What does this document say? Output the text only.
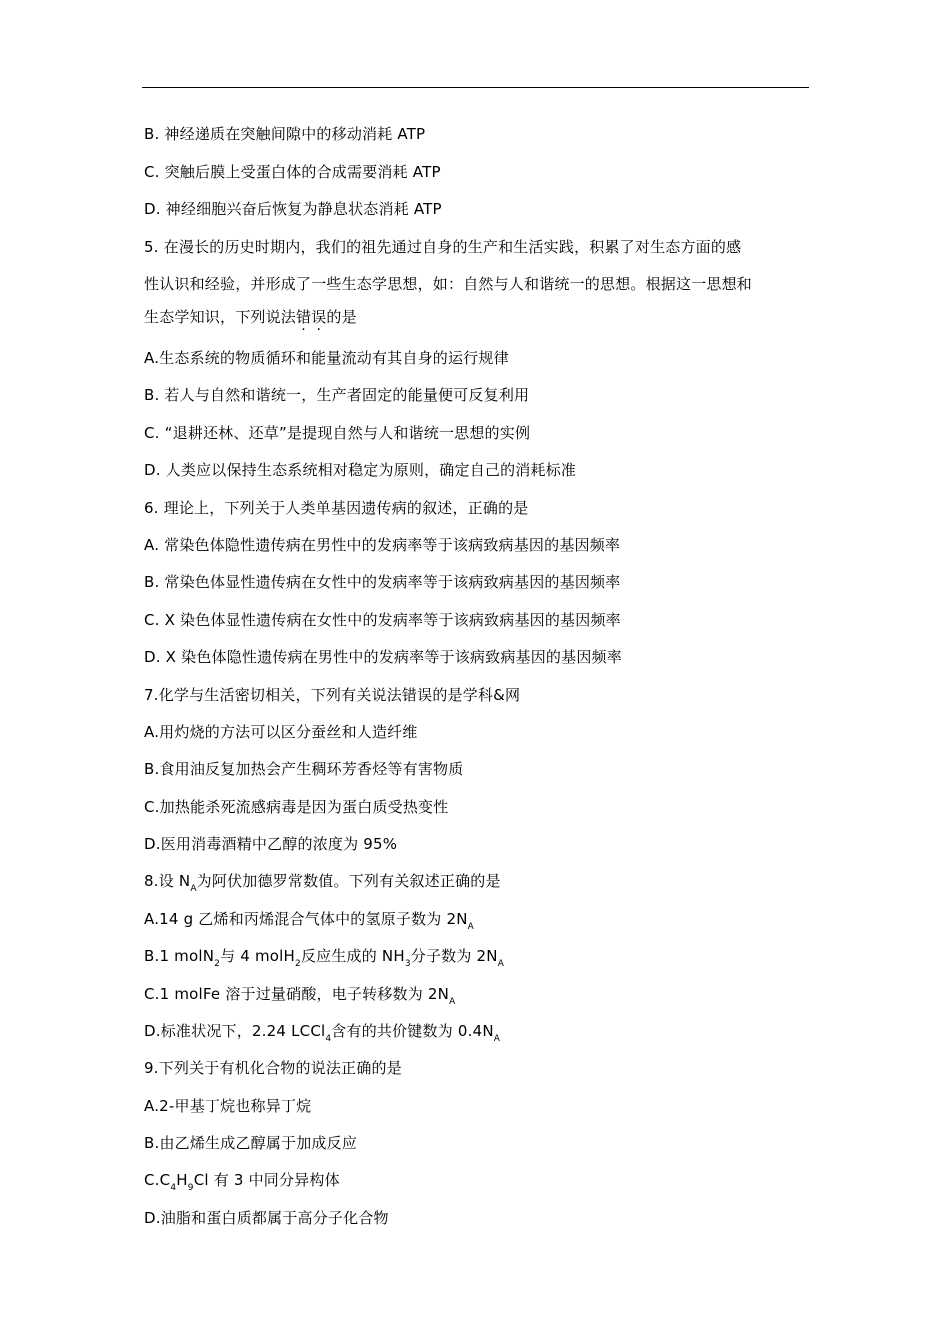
B. 神经递质在突触间隙中的移动消耗 ATP
C. 突触后膜上受蛋白体的合成需要消耗 ATP
D. 神经细胞兴奋后恢复为静息状态消耗 ATP
5. 在漫长的历史时期内，我们的祖先通过自身的生产和生活实践，积累了对生态方面的感
性认识和经验，并形成了一些生态学思想，如：自然与人和谐统一的思想。根据这一思想和
生态学知识，下列说法错误的是
A.生态系统的物质循环和能量流动有其自身的运行规律
B. 若人与自然和谐统一，生产者固定的能量便可反复利用
C. “退耕还林、还草”是提现自然与人和谐统一思想的实例
D. 人类应以保持生态系统相对稳定为原则，确定自己的消耗标准
6. 理论上，下列关于人类单基因遗传病的叙述，正确的是
A. 常染色体隐性遗传病在男性中的发病率等于该病致病基因的基因频率
B. 常染色体显性遗传病在女性中的发病率等于该病致病基因的基因频率
C. X 染色体显性遗传病在女性中的发病率等于该病致病基因的基因频率
D. X 染色体隐性遗传病在男性中的发病率等于该病致病基因的基因频率
7.化学与生活密切相关，下列有关说法错误的是学科&网
A.用灼烧的方法可以区分蚕丝和人造纤维
B.食用油反复加热会产生稠环芳香烃等有害物质
C.加热能杀死流感病毒是因为蛋白质受热变性
D.医用消毒酒精中乙醇的浓度为 95%
8.设 $N_A$为阿伏加德罗常数值。下列有关叙述正确的是
A.14 g 乙烯和丙烯混合气体中的氢原子数为 $2N_A$
B.1 molN$_2$与 4 molH$_2$反应生成的 $NH_3$分子数为 $2N_A$
C.1 molFe 溶于过量硝酸，电子转移数为 $2N_A$
D.标准状况下，2.24 LCCl$_4$含有的共价键数为 $0.4N_A$
9.下列关于有机化合物的说法正确的是
A.2-甲基丁烷也称异丁烷
B.由乙烯生成乙醇属于加成反应
$C.C_4H_9Cl$ 有 3 中同分异构体
D.油脂和蛋白质都属于高分子化合物
